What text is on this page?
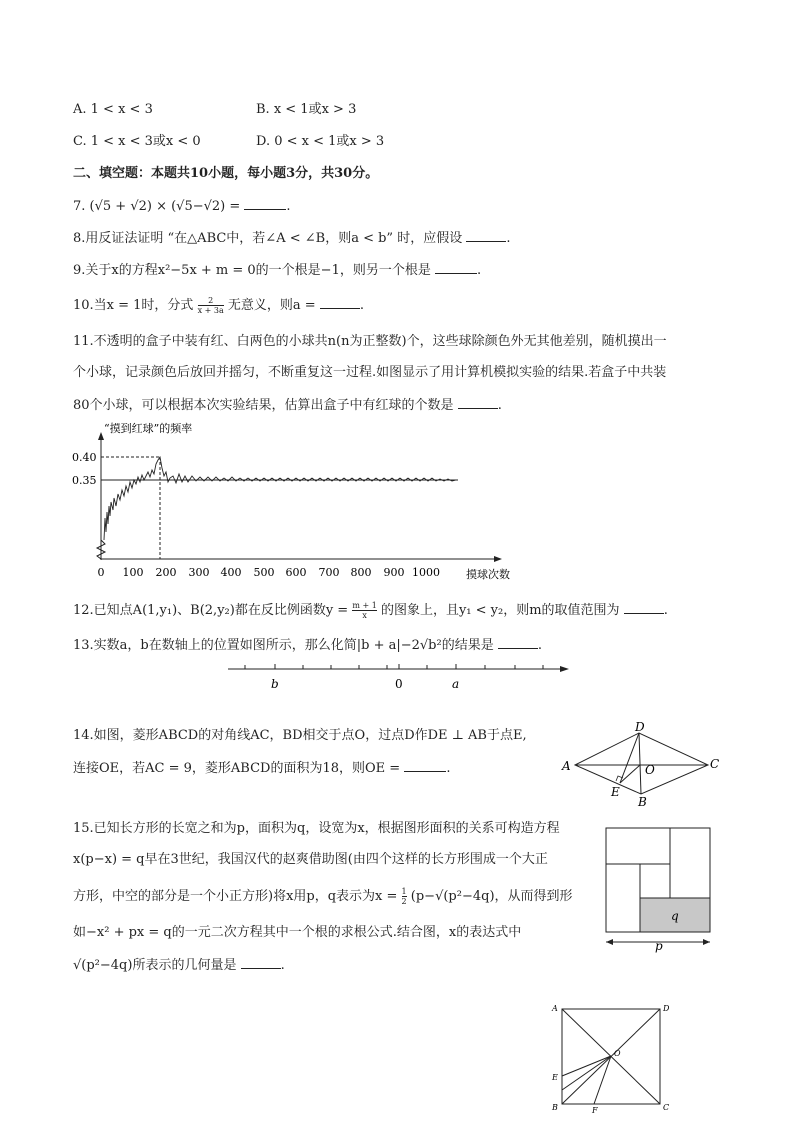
A. 1 < x < 3	B. x < 1或x > 3
C. 1 < x < 3或x < 0	D. 0 < x < 1或x > 3
二、填空题：本题共10小题，每小题3分，共30分。
7. (√5 + √2) × (√5−√2) =	.
8.用反证法证明 “在△ABC中，若∠A < ∠B，则a < b” 时，应假设	.
9.关于x的方程x²−5x + m = 0的一个根是−1，则另一个根是	.
10.当x = 1时，分式 $\frac{2}{x + 3a}$ 无意义，则a =	.
11.不透明的盒子中装有红、白两色的小球共n(n为正整数)个，这些球除颜色外无其他差别，随机摸出一
个小球，记录颜色后放回并摇匀，不断重复这一过程.如图显示了用计算机模拟实验的结果.若盒子中共装
80个小球，可以根据本次实验结果，估算出盒子中有红球的个数是	.
“摸到红球”的频率
0.40
0.35
0 100 200 300 400 500 600 700 800 900 1000 摸球次数
12.已知点A(1,y₁)、B(2,y₂)都在反比例函数$y = \frac{m + 1}{x}$ 的图象上，且y₁ < y₂，则m的取值范围为	.
13.实数a，b在数轴上的位置如图所示，那么化简|b + a|−2√b²的结果是	.
b	0	a
14.如图，菱形ABCD的对角线AC，BD相交于点O，过点D作DE ⊥ AB于点E,
连接OE，若AC = 9，菱形ABCD的面积为18，则OE =	.	A
D
C
B
E
O
15.已知长方形的长宽之和为p，面积为q，设宽为x，根据图形面积的关系可构造方程
x(p−x) = q早在3世纪，我国汉代的赵爽借助图(由四个这样的长方形围成一个大正
方形，中空的部分是一个小正方形)将x用p，q表示为$x = \frac{1}{2} (p-√(p^2-4q)$，从而得到形
如−x² + px = q的一元二次方程其中一个根的求根公式.结合图，x的表达式中
√(p²−4q)所表示的几何量是	.
q
p
A	D
B	C
E
F
O
